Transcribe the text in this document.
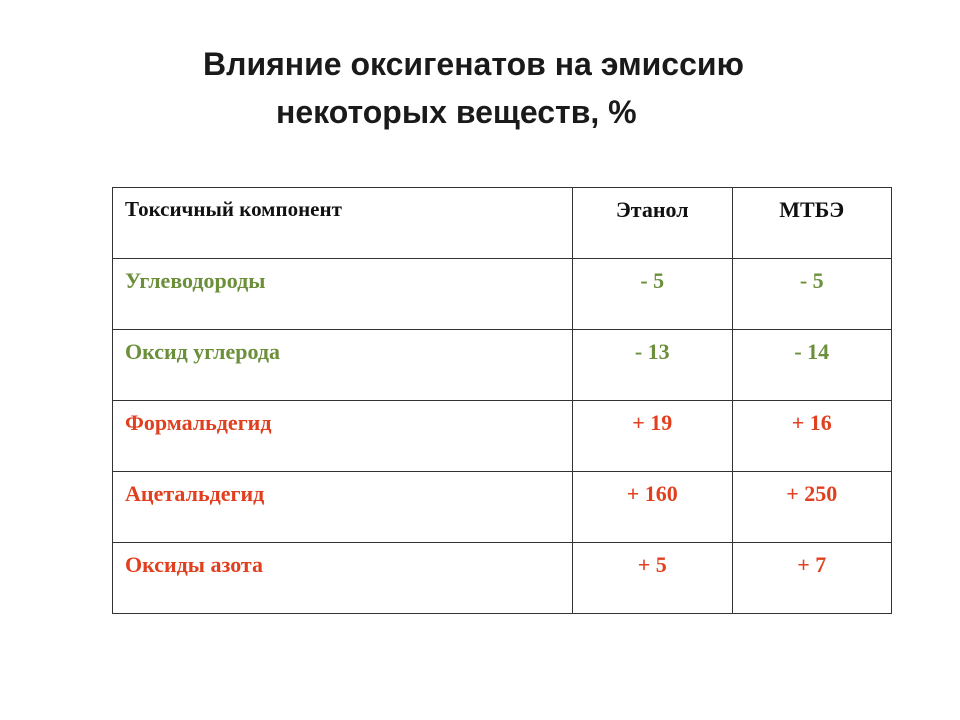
Влияние оксигенатов на эмиссию
некоторых веществ, %
Токсичный компонент	Этанол	МТБЭ
Углеводороды	- 5	- 5
Оксид углерода	- 13	- 14
Формальдегид	+ 19	+ 16
Ацетальдегид	+ 160	+ 250
Оксиды азота	+ 5	+ 7
